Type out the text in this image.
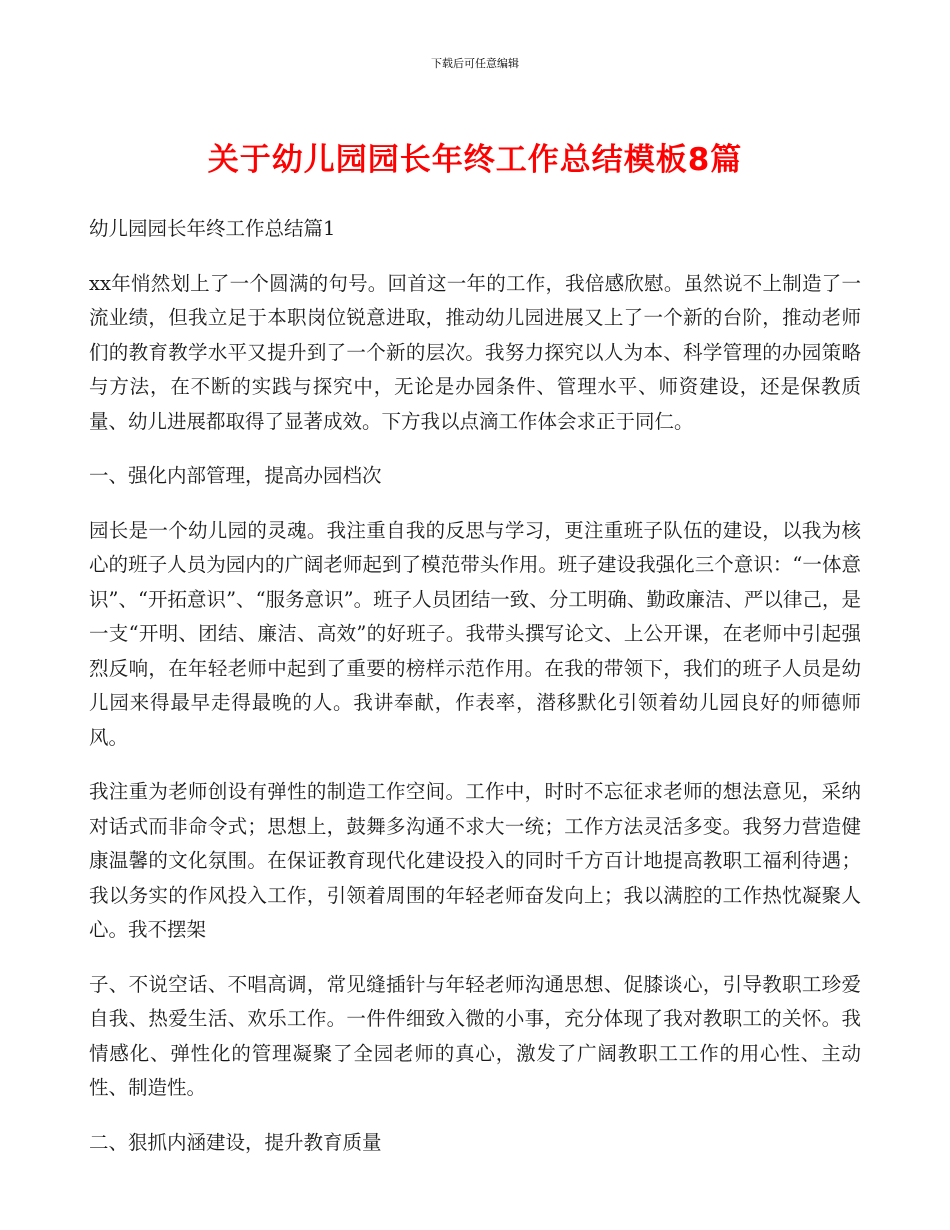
下载后可任意编辑
关于幼儿园园长年终工作总结模板8篇

幼儿园园长年终工作总结篇1

xx年悄然划上了一个圆满的句号。回首这一年的工作，我倍感欣慰。虽然说不上制造了一流业绩，但我立足于本职岗位锐意进取，推动幼儿园进展又上了一个新的台阶，推动老师们的教育教学水平又提升到了一个新的层次。我努力探究以人为本、科学管理的办园策略与方法，在不断的实践与探究中，无论是办园条件、管理水平、师资建设，还是保教质量、幼儿进展都取得了显著成效。下方我以点滴工作体会求正于同仁。

一、强化内部管理，提高办园档次

园长是一个幼儿园的灵魂。我注重自我的反思与学习，更注重班子队伍的建设，以我为核心的班子人员为园内的广阔老师起到了模范带头作用。班子建设我强化三个意识：“一体意识”、“开拓意识”、“服务意识”。班子人员团结一致、分工明确、勤政廉洁、严以律己，是一支“开明、团结、廉洁、高效”的好班子。我带头撰写论文、上公开课，在老师中引起强烈反响，在年轻老师中起到了重要的榜样示范作用。在我的带领下，我们的班子人员是幼儿园来得最早走得最晚的人。我讲奉献，作表率，潜移默化引领着幼儿园良好的师德师风。

我注重为老师创设有弹性的制造工作空间。工作中，时时不忘征求老师的想法意见，采纳对话式而非命令式；思想上，鼓舞多沟通不求大一统；工作方法灵活多变。我努力营造健康温馨的文化氛围。在保证教育现代化建设投入的同时千方百计地提高教职工福利待遇；我以务实的作风投入工作，引领着周围的年轻老师奋发向上；我以满腔的工作热忱凝聚人心。我不摆架

子、不说空话、不唱高调，常见缝插针与年轻老师沟通思想、促膝谈心，引导教职工珍爱自我、热爱生活、欢乐工作。一件件细致入微的小事，充分体现了我对教职工的关怀。我情感化、弹性化的管理凝聚了全园老师的真心，激发了广阔教职工工作的用心性、主动性、制造性。

二、狠抓内涵建设，提升教育质量
